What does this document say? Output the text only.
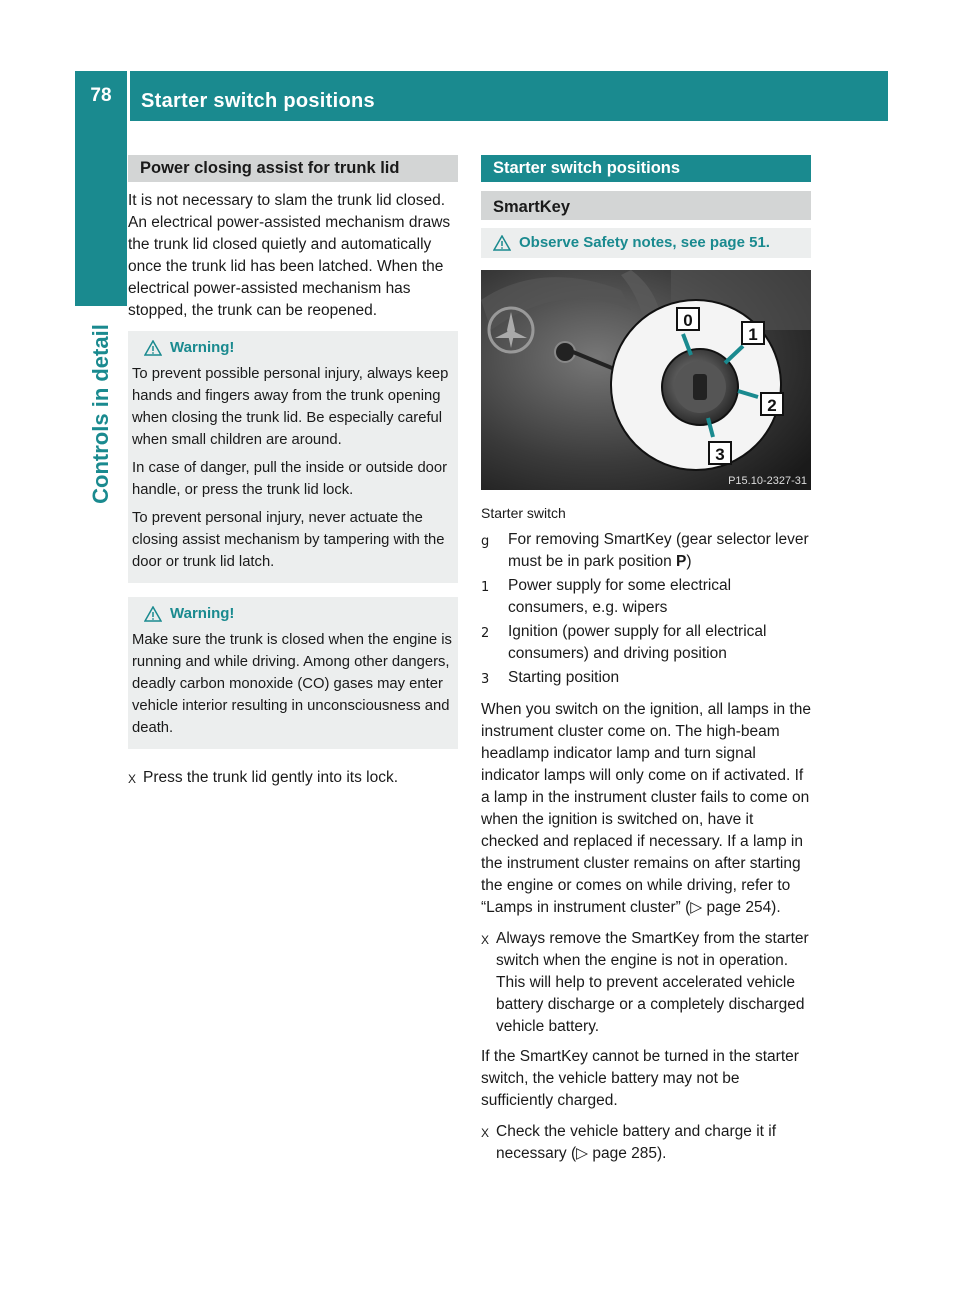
78	Starter switch positions
Controls in detail
Power closing assist for trunk lid

It is not necessary to slam the trunk lid closed. An electrical power-assisted mechanism draws the trunk lid closed quietly and automatically once the trunk lid has been latched. When the electrical power-assisted mechanism has stopped, the trunk can be reopened.

Warning!

To prevent possible personal injury, always keep hands and fingers away from the trunk opening when closing the trunk lid. Be especially careful when small children are around.

In case of danger, pull the inside or outside door handle, or press the trunk lid lock.

To prevent personal injury, never actuate the closing assist mechanism by tampering with the door or trunk lid latch.

Warning!

Make sure the trunk is closed when the engine is running and while driving. Among other dangers, deadly carbon monoxide (CO) gases may enter vehicle interior resulting in unconsciousness and death.

X Press the trunk lid gently into its lock.
Starter switch positions
SmartKey
Observe Safety notes, see page 51.
0
1
2
3
P15.10-2327-31

Starter switch

g	For removing SmartKey (gear selector lever must be in park position P)
1	Power supply for some electrical consumers, e.g. wipers
2	Ignition (power supply for all electrical consumers) and driving position
3	Starting position

When you switch on the ignition, all lamps in the instrument cluster come on. The high-beam headlamp indicator lamp and turn signal indicator lamps will only come on if activated. If a lamp in the instrument cluster fails to come on when the ignition is switched on, have it checked and replaced if necessary. If a lamp in the instrument cluster remains on after starting the engine or comes on while driving, refer to “Lamps in instrument cluster” (▷ page 254).

X Always remove the SmartKey from the starter switch when the engine is not in operation.
This will help to prevent accelerated vehicle battery discharge or a completely discharged vehicle battery.

If the SmartKey cannot be turned in the starter switch, the vehicle battery may not be sufficiently charged.

X Check the vehicle battery and charge it if necessary (▷ page 285).
